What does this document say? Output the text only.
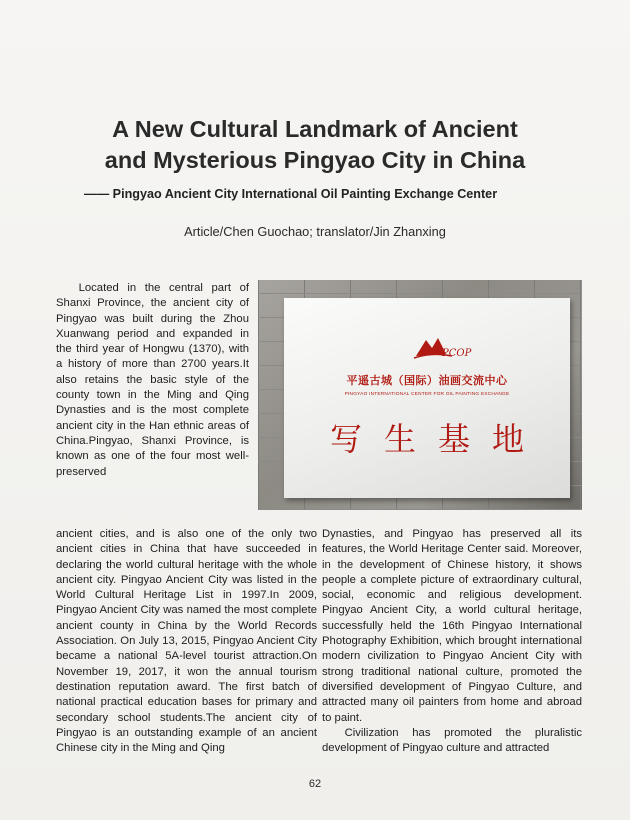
A New Cultural Landmark of Ancient
and Mysterious Pingyao City in China
—— Pingyao Ancient City International Oil Painting Exchange Center
Article/Chen Guochao; translator/Jin Zhanxing

Located in the central part of Shanxi Province, the ancient city of Pingyao was built during the Zhou Xuanwang period and expanded in the third year of Hongwu (1370), with a history of more than 2700 years.It also retains the basic style of the county town in the Ming and Qing Dynasties and is the most complete ancient city in the Han ethnic areas of China.Pingyao, Shanxi Province, is known as one of the four most well-preserved

PCOP
平遥古城（国际）油画交流中心
PINGYAO INTERNATIONAL CENTER FOR OIL PAINTING EXCHANGE
写生基地

ancient cities, and is also one of the only two ancient cities in China that have succeeded in declaring the world cultural heritage with the whole ancient city. Pingyao Ancient City was listed in the World Cultural Heritage List in 1997.In 2009, Pingyao Ancient City was named the most complete ancient county in China by the World Records Association. On July 13, 2015, Pingyao Ancient City became a national 5A-level tourist attraction.On November 19, 2017, it won the annual tourism destination reputation award. The first batch of national practical education bases for primary and secondary school students.The ancient city of Pingyao is an outstanding example of an ancient Chinese city in the Ming and Qing

Dynasties, and Pingyao has preserved all its features, the World Heritage Center said. Moreover, in the development of Chinese history, it shows people a complete picture of extraordinary cultural, social, economic and religious development. Pingyao Ancient City, a world cultural heritage, successfully held the 16th Pingyao International Photography Exhibition, which brought international modern civilization to Pingyao Ancient City with strong traditional national culture, promoted the diversified development of Pingyao Culture, and attracted many oil painters from home and abroad to paint.

Civilization has promoted the pluralistic development of Pingyao culture and attracted

62
